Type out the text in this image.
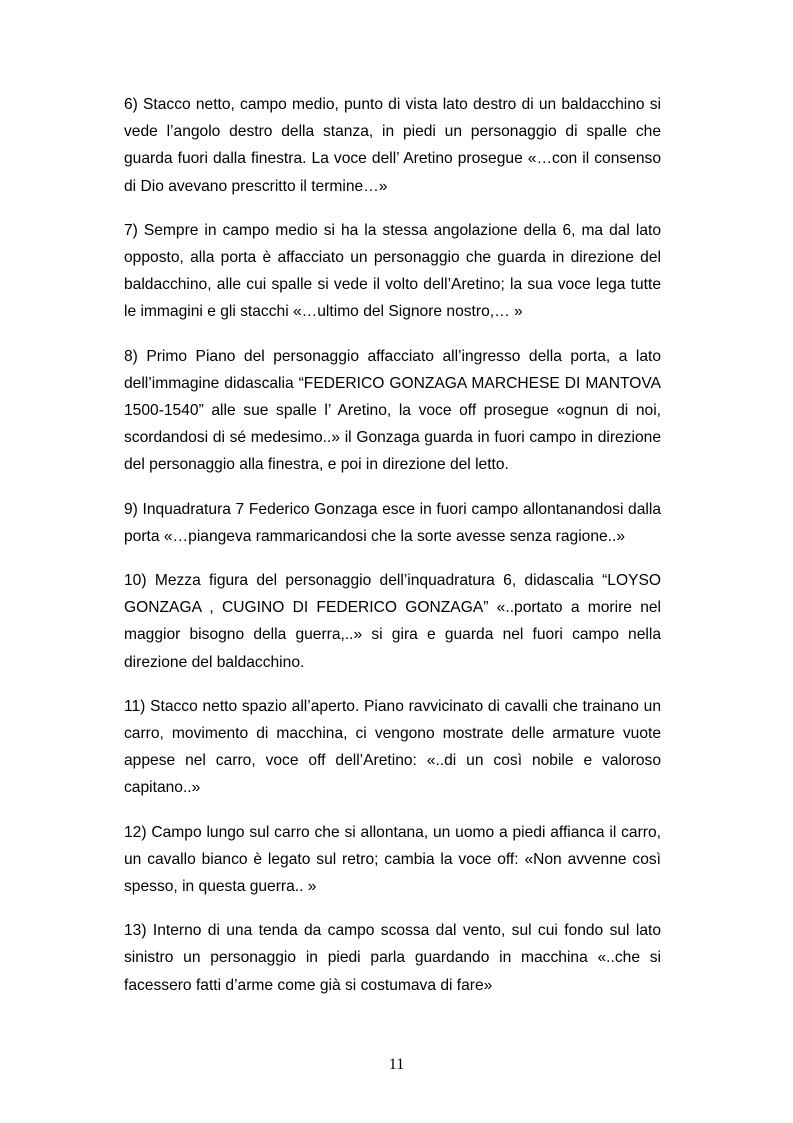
6) Stacco netto, campo medio, punto di vista lato destro di un baldacchino si vede l’angolo destro della stanza, in piedi un personaggio di spalle che guarda fuori dalla finestra. La voce dell’ Aretino prosegue «…con il consenso di Dio avevano prescritto il termine…»

7) Sempre in campo medio si ha la stessa angolazione della 6, ma dal lato opposto, alla porta è affacciato un personaggio che guarda in direzione del baldacchino, alle cui spalle si vede il volto dell’Aretino; la sua voce lega tutte le immagini e gli stacchi «…ultimo del Signore nostro,… »

8) Primo Piano del personaggio affacciato all’ingresso della porta, a lato dell’immagine didascalia “FEDERICO GONZAGA MARCHESE DI MANTOVA 1500-1540” alle sue spalle l’ Aretino, la voce off prosegue «ognun di noi, scordandosi di sé medesimo..» il Gonzaga guarda in fuori campo in direzione del personaggio alla finestra, e poi in direzione del letto.

9) Inquadratura 7 Federico Gonzaga esce in fuori campo allontanandosi dalla porta «…piangeva rammaricandosi che la sorte avesse senza ragione..»

10) Mezza figura del personaggio dell’inquadratura 6, didascalia “LOYSO GONZAGA , CUGINO DI FEDERICO GONZAGA” «..portato a morire nel maggior bisogno della guerra,..» si gira e guarda nel fuori campo nella direzione del baldacchino.

11) Stacco netto spazio all’aperto. Piano ravvicinato di cavalli che trainano un carro, movimento di macchina, ci vengono mostrate delle armature vuote appese nel carro, voce off dell’Aretino: «..di un così nobile e valoroso capitano..»

12) Campo lungo sul carro che si allontana, un uomo a piedi affianca il carro, un cavallo bianco è legato sul retro; cambia la voce off: «Non avvenne così spesso, in questa guerra.. »

13) Interno di una tenda da campo scossa dal vento, sul cui fondo sul lato sinistro un personaggio in piedi parla guardando in macchina «..che si facessero fatti d’arme come già si costumava di fare»

11
